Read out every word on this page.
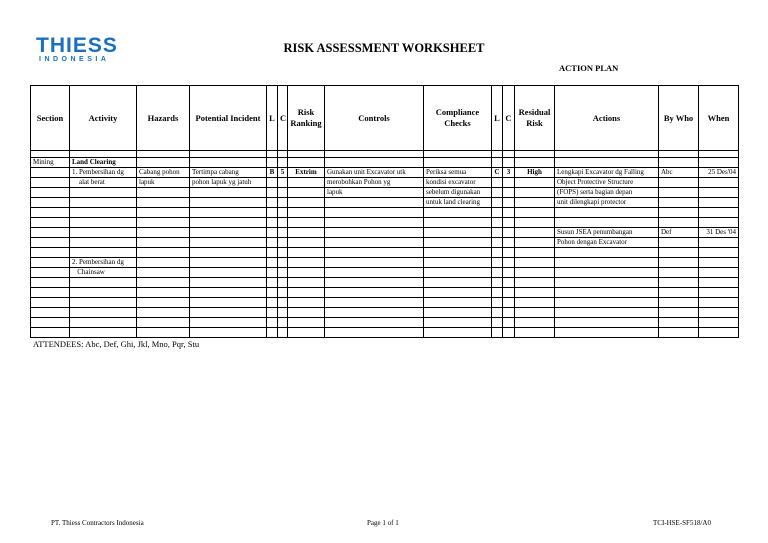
THIESS
INDONESIA
RISK ASSESSMENT WORKSHEET
ACTION PLAN
Section	Activity	Hazards	Potential Incident	L	C	Risk Ranking	Controls	Compliance Checks	L	C	Residual Risk	Actions	By Who	When

Mining	Land Clearing													
	1. Pembersihan dg	Cabang pohon	Tertimpa cabang	B	5	Extrim	Gunakan unit Excavator utk	Periksa semua	C	3	High	Lengkapi Excavator dg Falling	Abc	25 Des'04
	alat berat	lapuk	pohon lapuk yg jatuh				merobohkan Pohon yg	kondisi excavator				Object Protective Structure		
							lapuk	sebelum digunakan				(FOPS) serta bagian depan		
								untuk land clearing				unit dilengkapi protector		

												Susun JSEA penumbangan	Def	31 Des '04
												Pohon dengan Excavator		

	2. Pembersihan dg													
	Chainsaw													

ATTENDEES: Abc, Def, Ghi, Jkl, Mno, Pqr, Stu
PT. Thiess Contractors Indonesia	Page 1 of 1	TCI-HSE-SF518/A0
